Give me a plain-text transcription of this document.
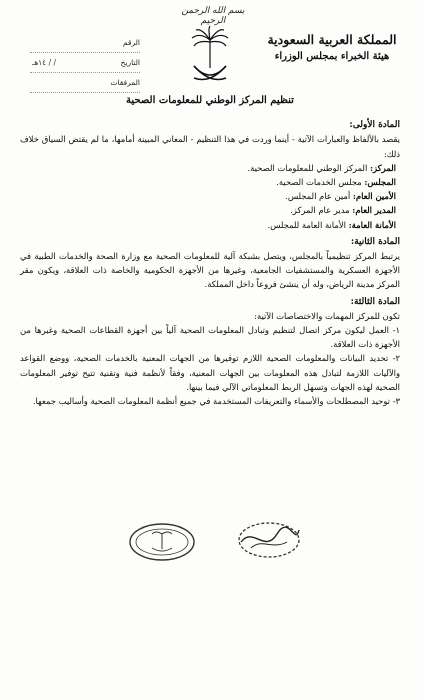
بسم الله الرحمن الرحيم
المملكة العربية السعودية
هيئة الخبراء بمجلس الوزراء
الرقم
التاريخ
/ / ١٤هـ
المرفقات
تنظيم المركز الوطني للمعلومات الصحية
المادة الأولى:
يقصد بالألفاظ والعبارات الآتية - أينما وردت في هذا التنظيم - المعاني المبينة أمامها، ما لم يقتض السياق خلاف ذلك:
المركز: المركز الوطني للمعلومات الصحية.
المجلس: مجلس الخدمات الصحية.
الأمين العام: أمين عام المجلس.
المدير العام: مدير عام المركز.
الأمانة العامة: الأمانة العامة للمجلس.
المادة الثانية:
يرتبط المركز تنظيمياً بالمجلس، ويتصل بشبكة آلية للمعلومات الصحية مع وزارة الصحة والخدمات الطبية في الأجهزة العسكرية والمستشفيات الجامعية، وغيرها من الأجهزة الحكومية والخاصة ذات العلاقة، ويكون مقر المركز مدينة الرياض، وله أن ينشئ فروعاً داخل المملكة.
المادة الثالثة:
تكون للمركز المهمات والاختصاصات الآتية:
١- العمل ليكون مركز اتصال لتنظيم وتبادل المعلومات الصحية آلياً بين أجهزة القطاعات الصحية وغيرها من الأجهزة ذات العلاقة.
٢- تحديد البيانات والمعلومات الصحية اللازم توفيرها من الجهات المعنية بالخدمات الصحية، ووضع القواعد والآليات اللازمة لتبادل هذه المعلومات بين الجهات المعنية، وفقاً لأنظمة فنية وتقنية تتيح توفير المعلومات الصحية لهذه الجهات وتسهل الربط المعلوماتي الآلي فيما بينها.
٣- توحيد المصطلحات والأسماء والتعريفات المستخدمة في جميع أنظمة المعلومات الصحية وأساليب جمعها.
